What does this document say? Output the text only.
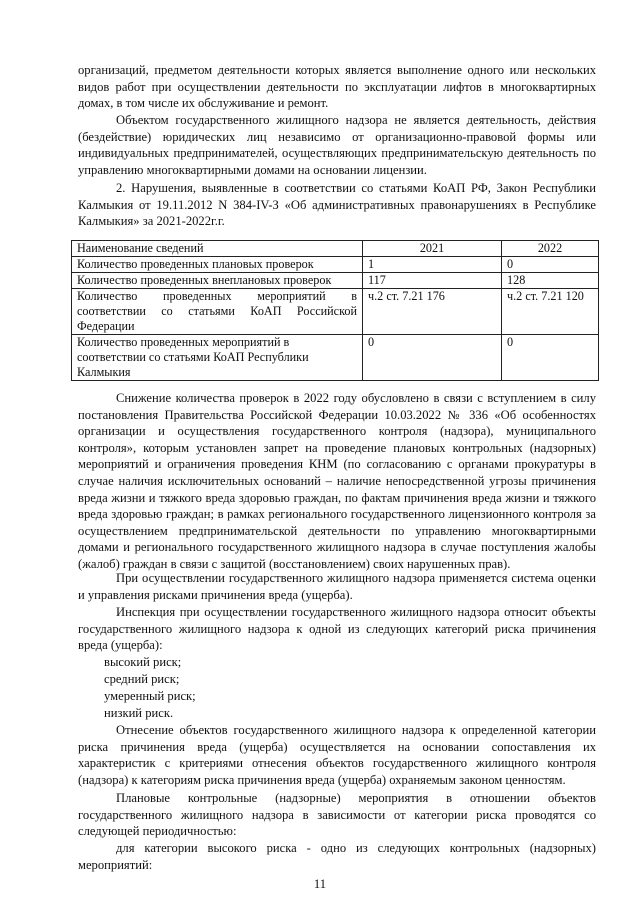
организаций, предметом деятельности которых является выполнение одного или нескольких видов работ при осуществлении деятельности по эксплуатации лифтов в многоквартирных домах, в том числе их обслуживание и ремонт.

Объектом государственного жилищного надзора не является деятельность, действия (бездействие) юридических лиц независимо от организационно-правовой формы или индивидуальных предпринимателей, осуществляющих предпринимательскую деятельность по управлению многоквартирными домами на основании лицензии.

2. Нарушения, выявленные в соответствии со статьями КоАП РФ, Закон Республики Калмыкия от 19.11.2012 N 384-IV-З «Об административных правонарушениях в Республике Калмыкия» за 2021-2022г.г.

Наименование сведений	2021	2022
Количество проведенных плановых проверок	1	0
Количество проведенных внеплановых проверок	117	128
Количество проведенных мероприятий в соответствии со статьями КоАП Российской Федерации	ч.2 ст. 7.21 176	ч.2 ст. 7.21 120
Количество проведенных мероприятий в соответствии со статьями КоАП Республики Калмыкия	0	0

Снижение количества проверок в 2022 году обусловлено в связи с вступлением в силу постановления Правительства Российской Федерации 10.03.2022 № 336 «Об особенностях организации и осуществления государственного контроля (надзора), муниципального контроля», которым установлен запрет на проведение плановых контрольных (надзорных) мероприятий и ограничения проведения КНМ (по согласованию с органами прокуратуры в случае наличия исключительных оснований – наличие непосредственной угрозы причинения вреда жизни и тяжкого вреда здоровью граждан, по фактам причинения вреда жизни и тяжкого вреда здоровью граждан; в рамках регионального государственного лицензионного контроля за осуществлением предпринимательской деятельности по управлению многоквартирными домами и регионального государственного жилищного надзора в случае поступления жалобы (жалоб) граждан в связи с защитой (восстановлением) своих нарушенных прав).

При осуществлении государственного жилищного надзора применяется система оценки и управления рисками причинения вреда (ущерба).

Инспекция при осуществлении государственного жилищного надзора относит объекты государственного жилищного надзора к одной из следующих категорий риска причинения вреда (ущерба):

высокий риск;

средний риск;

умеренный риск;

низкий риск.

Отнесение объектов государственного жилищного надзора к определенной категории риска причинения вреда (ущерба) осуществляется на основании сопоставления их характеристик с критериями отнесения объектов государственного жилищного контроля (надзора) к категориям риска причинения вреда (ущерба) охраняемым законом ценностям.

Плановые контрольные (надзорные) мероприятия в отношении объектов государственного жилищного надзора в зависимости от категории риска проводятся со следующей периодичностью:

для категории высокого риска - одно из следующих контрольных (надзорных) мероприятий:

11
